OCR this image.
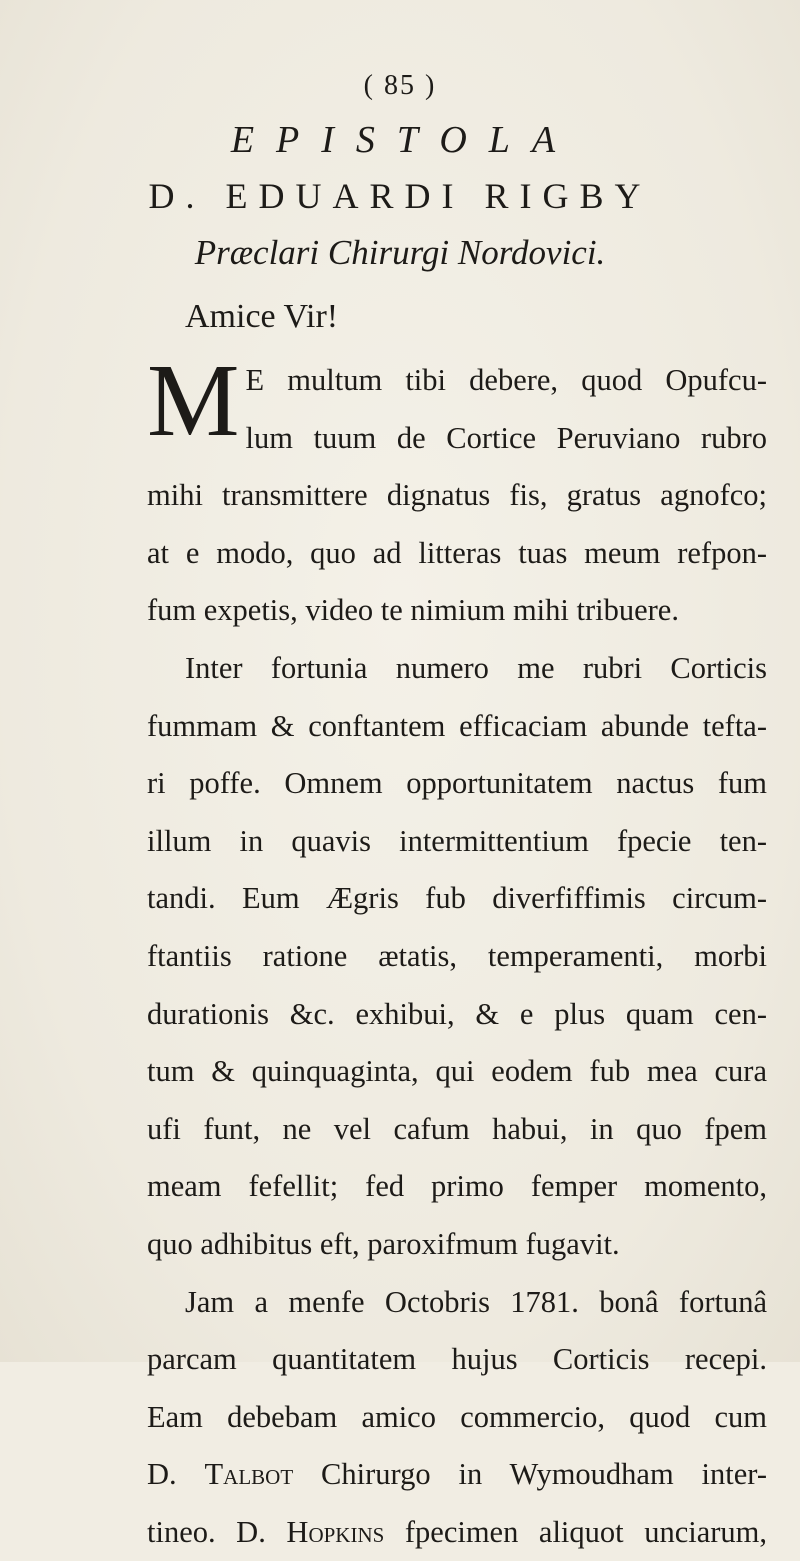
( 85 )
EPISTOLA
D. EDUARDI RIGBY
Præclari Chirurgi Nordovici.
Amice Vir!
M E multum tibi debere, quod Opufcu-
lum tuum de Cortice Peruviano rubro
mihi transmittere dignatus fis, gratus agnofco;
at e modo, quo ad litteras tuas meum refpon-
fum expetis, video te nimium mihi tribuere.
Inter fortunia numero me rubri Corticis
fummam & conftantem efficaciam abunde tefta-
ri poffe. Omnem opportunitatem nactus fum
illum in quavis intermittentium fpecie ten-
tandi. Eum Ægris fub diverfiffimis circum-
ftantiis ratione ætatis, temperamenti, morbi
durationis &c. exhibui, & e plus quam cen-
tum & quinquaginta, qui eodem fub mea cura
ufi funt, ne vel cafum habui, in quo fpem
meam fefellit; fed primo femper momento,
quo adhibitus eft, paroxifmum fugavit.
Jam a menfe Octobris 1781. bonâ fortunâ
parcam quantitatem hujus Corticis recepi.
Eam debebam amico commercio, quod cum
D. Talbot Chirurgo in Wymoudham inter-
tineo. D. Hopkins fpecimen aliquot unciarum,
